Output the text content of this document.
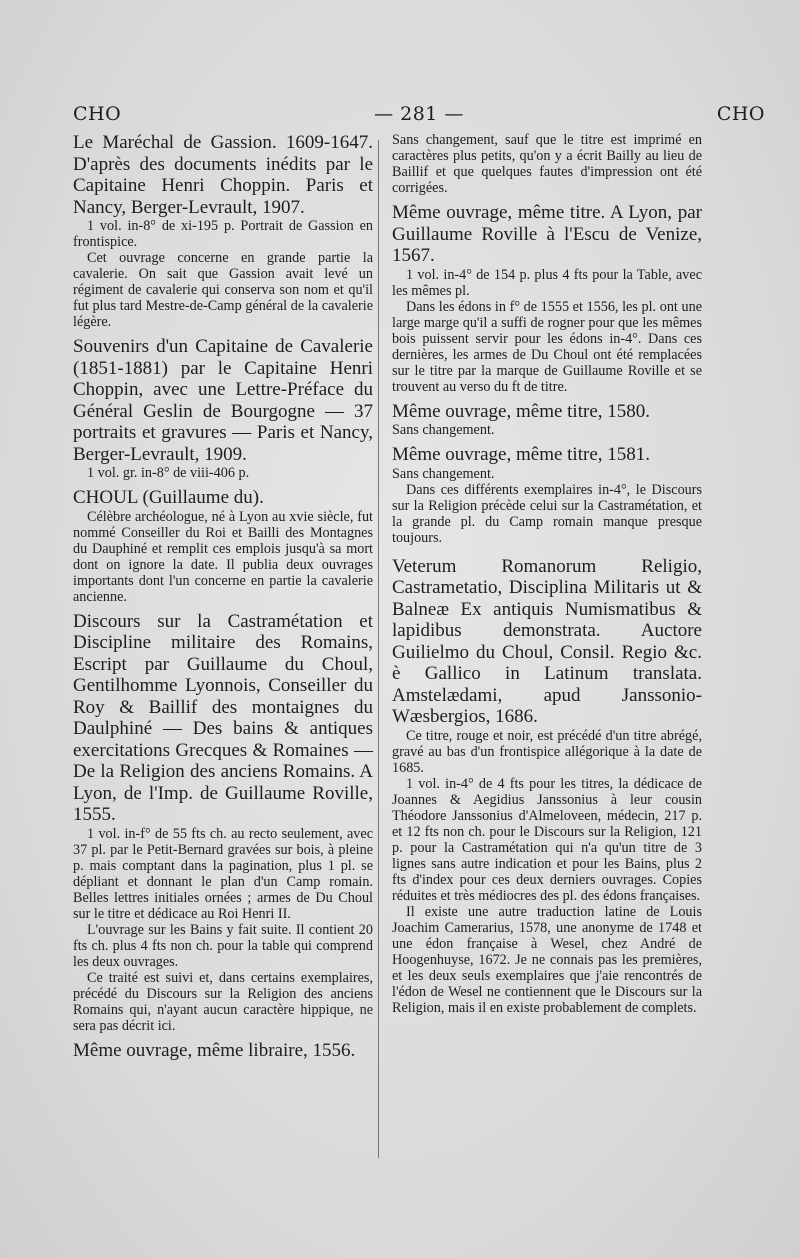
CHO	— 281 —	CHO

Le Maréchal de Gassion. 1609-1647. D'après des documents inédits par le Capitaine Henri Choppin. Paris et Nancy, Berger-Levrault, 1907.

1 vol. in-8° de xi-195 p. Portrait de Gassion en frontispice.

Cet ouvrage concerne en grande partie la cavalerie. On sait que Gassion avait levé un régiment de cavalerie qui conserva son nom et qu'il fut plus tard Mestre-de-Camp général de la cavalerie légère.

Souvenirs d'un Capitaine de Cavalerie (1851-1881) par le Capitaine Henri Choppin, avec une Lettre-Préface du Général Geslin de Bourgogne — 37 portraits et gravures — Paris et Nancy, Berger-Levrault, 1909.

1 vol. gr. in-8° de viii-406 p.

CHOUL (Guillaume du).

Célèbre archéologue, né à Lyon au xvie siècle, fut nommé Conseiller du Roi et Bailli des Montagnes du Dauphiné et remplit ces emplois jusqu'à sa mort dont on ignore la date. Il publia deux ouvrages importants dont l'un concerne en partie la cavalerie ancienne.

Discours sur la Castramétation et Discipline militaire des Romains, Escript par Guillaume du Choul, Gentilhomme Lyonnois, Conseiller du Roy & Baillif des montaignes du Daulphiné — Des bains & antiques exercitations Grecques & Romaines — De la Religion des anciens Romains. A Lyon, de l'Imp. de Guillaume Roville, 1555.

1 vol. in-f° de 55 fts ch. au recto seulement, avec 37 pl. par le Petit-Bernard gravées sur bois, à pleine p. mais comptant dans la pagination, plus 1 pl. se dépliant et donnant le plan d'un Camp romain. Belles lettres initiales ornées ; armes de Du Choul sur le titre et dédicace au Roi Henri II.

L'ouvrage sur les Bains y fait suite. Il contient 20 fts ch. plus 4 fts non ch. pour la table qui comprend les deux ouvrages.

Ce traité est suivi et, dans certains exemplaires, précédé du Discours sur la Religion des anciens Romains qui, n'ayant aucun caractère hippique, ne sera pas décrit ici.

Même ouvrage, même libraire, 1556.

Sans changement, sauf que le titre est imprimé en caractères plus petits, qu'on y a écrit Bailly au lieu de Baillif et que quelques fautes d'impression ont été corrigées.

Même ouvrage, même titre. A Lyon, par Guillaume Roville à l'Escu de Venize, 1567.

1 vol. in-4° de 154 p. plus 4 fts pour la Table, avec les mêmes pl.

Dans les édons in f° de 1555 et 1556, les pl. ont une large marge qu'il a suffi de rogner pour que les mêmes bois puissent servir pour les édons in-4°. Dans ces dernières, les armes de Du Choul ont été remplacées sur le titre par la marque de Guillaume Roville et se trouvent au verso du ft de titre.

Même ouvrage, même titre, 1580.

Sans changement.

Même ouvrage, même titre, 1581.

Sans changement.

Dans ces différents exemplaires in-4°, le Discours sur la Religion précède celui sur la Castramétation, et la grande pl. du Camp romain manque presque toujours.

Veterum Romanorum Religio, Castrametatio, Disciplina Militaris ut & Balneæ Ex antiquis Numismatibus & lapidibus demonstrata. Auctore Guilielmo du Choul, Consil. Regio &c. è Gallico in Latinum translata. Amstelædami, apud Janssonio-Wæsbergios, 1686.

Ce titre, rouge et noir, est précédé d'un titre abrégé, gravé au bas d'un frontispice allégorique à la date de 1685.

1 vol. in-4° de 4 fts pour les titres, la dédicace de Joannes & Aegidius Janssonius à leur cousin Théodore Janssonius d'Almeloveen, médecin, 217 p. et 12 fts non ch. pour le Discours sur la Religion, 121 p. pour la Castramétation qui n'a qu'un titre de 3 lignes sans autre indication et pour les Bains, plus 2 fts d'index pour ces deux derniers ouvrages. Copies réduites et très médiocres des pl. des édons françaises.

Il existe une autre traduction latine de Louis Joachim Camerarius, 1578, une anonyme de 1748 et une édon française à Wesel, chez André de Hoogenhuyse, 1672. Je ne connais pas les premières, et les deux seuls exemplaires que j'aie rencontrés de l'édon de Wesel ne contiennent que le Discours sur la Religion, mais il en existe probablement de complets.
